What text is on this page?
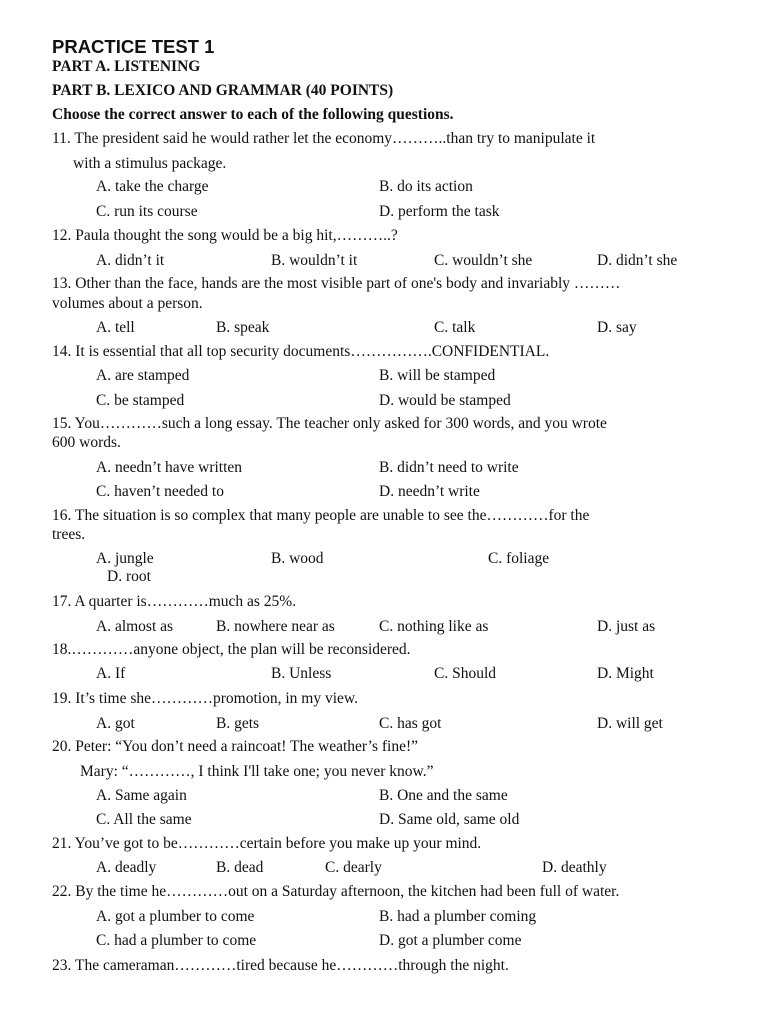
PRACTICE TEST 1
PART A. LISTENING
PART B. LEXICO AND GRAMMAR (40 POINTS)
Choose the correct answer to each of the following questions.
11. The president said he would rather let the economy………..than try to manipulate it
with a stimulus package.
A. take the charge	B. do its action
C. run its course	D. perform the task
12. Paula thought the song would be a big hit,………..?
A. didn’t it	B. wouldn’t it	C. wouldn’t she	D. didn’t she
13. Other than the face, hands are the most visible part of one's body and invariably ………
volumes about a person.
A. tell	B. speak	C. talk	D. say
14. It is essential that all top security documents…………….CONFIDENTIAL.
A. are stamped	B. will be stamped
C. be stamped	D. would be stamped
15. You…………such a long essay. The teacher only asked for 300 words, and you wrote
600 words.
A. needn’t have written	B. didn’t need to write
C. haven’t needed to	D. needn’t write
16. The situation is so complex that many people are unable to see the…………for the
trees.
A. jungle	B. wood	C. foliage
D. root
17. A quarter is…………much as 25%.
A. almost as	B. nowhere near as	C. nothing like as	D. just as
18.…………anyone object, the plan will be reconsidered.
A. If	B. Unless	C. Should	D. Might
19. It’s time she…………promotion, in my view.
A. got	B. gets	C. has got	D. will get
20. Peter: “You don’t need a raincoat! The weather’s fine!”
Mary: “…………, I think I'll take one; you never know.”
A. Same again	B. One and the same
C. All the same	D. Same old, same old
21. You’ve got to be…………certain before you make up your mind.
A. deadly	B. dead	C. dearly	D. deathly
22. By the time he…………out on a Saturday afternoon, the kitchen had been full of water.
A. got a plumber to come	B. had a plumber coming
C. had a plumber to come	D. got a plumber come
23. The cameraman…………tired because he…………through the night.
